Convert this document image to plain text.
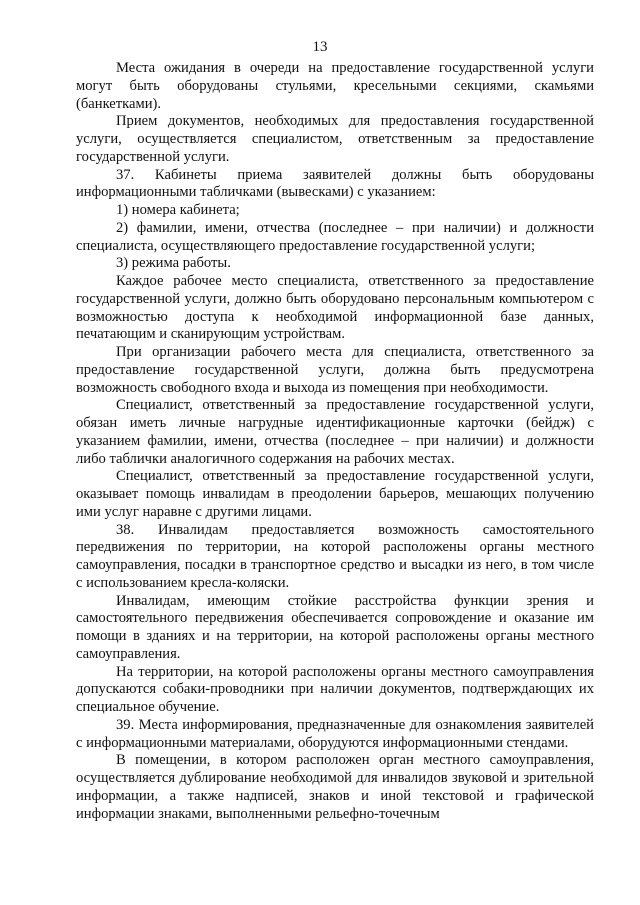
13

Места ожидания в очереди на предоставление государственной услуги могут быть оборудованы стульями, кресельными секциями, скамьями (банкетками).

Прием документов, необходимых для предоставления государственной услуги, осуществляется специалистом, ответственным за предоставление государственной услуги.

37. Кабинеты приема заявителей должны быть оборудованы информационными табличками (вывесками) с указанием:

1) номера кабинета;

2) фамилии, имени, отчества (последнее – при наличии) и должности специалиста, осуществляющего предоставление государственной услуги;

3) режима работы.

Каждое рабочее место специалиста, ответственного за предоставление государственной услуги, должно быть оборудовано персональным компьютером с возможностью доступа к необходимой информационной базе данных, печатающим и сканирующим устройствам.

При организации рабочего места для специалиста, ответственного за предоставление государственной услуги, должна быть предусмотрена возможность свободного входа и выхода из помещения при необходимости.

Специалист, ответственный за предоставление государственной услуги, обязан иметь личные нагрудные идентификационные карточки (бейдж) с указанием фамилии, имени, отчества (последнее – при наличии) и должности либо таблички аналогичного содержания на рабочих местах.

Специалист, ответственный за предоставление государственной услуги, оказывает помощь инвалидам в преодолении барьеров, мешающих получению ими услуг наравне с другими лицами.

38. Инвалидам предоставляется возможность самостоятельного передвижения по территории, на которой расположены органы местного самоуправления, посадки в транспортное средство и высадки из него, в том числе с использованием кресла-коляски.

Инвалидам, имеющим стойкие расстройства функции зрения и самостоятельного передвижения обеспечивается сопровождение и оказание им помощи в зданиях и на территории, на которой расположены органы местного самоуправления.

На территории, на которой расположены органы местного самоуправления допускаются собаки-проводники при наличии документов, подтверждающих их специальное обучение.

39. Места информирования, предназначенные для ознакомления заявителей с информационными материалами, оборудуются информационными стендами.

В помещении, в котором расположен орган местного самоуправления, осуществляется дублирование необходимой для инвалидов звуковой и зрительной информации, а также надписей, знаков и иной текстовой и графической информации знаками, выполненными рельефно-точечным
